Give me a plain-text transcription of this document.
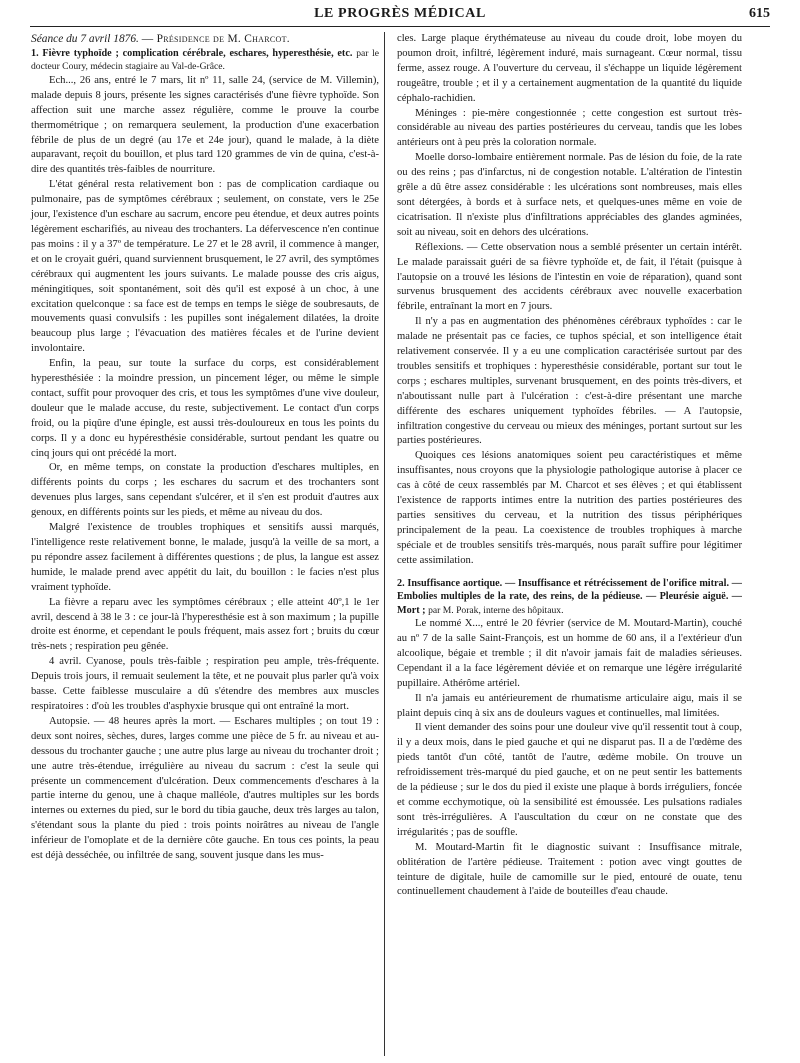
LE PROGRÈS MÉDICAL	615

Séance du 7 avril 1876. — Présidence de M. Charcot.

1. Fièvre typhoïde ; complication cérébrale, eschares, hyperesthésie, etc. par le docteur Coury, médecin stagiaire au Val-de-Grâce.

Ech..., 26 ans, entré le 7 mars, lit nº 11, salle 24, (service de M. Villemin), malade depuis 8 jours, présente les signes caractérisés d'une fièvre typhoïde. Son affection suit une marche assez régulière, comme le prouve la courbe thermométrique ; on remarquera seulement, la production d'une exacerbation fébrile de plus de un degré (au 17e et 24e jour), quand le malade, à la diète auparavant, reçoit du bouillon, et plus tard 120 grammes de vin de quina, c'est-à-dire des quantités très-faibles de nourriture.

L'état général resta relativement bon : pas de complication cardiaque ou pulmonaire, pas de symptômes cérébraux ; seulement, on constate, vers le 25e jour, l'existence d'un eschare au sacrum, encore peu étendue, et deux autres points légèrement escharifiés, au niveau des trochanters. La défervescence n'en continue pas moins : il y a 37º de température. Le 27 et le 28 avril, il commence à manger, et on le croyait guéri, quand surviennent brusquement, le 27 avril, des symptômes cérébraux qui augmentent les jours suivants. Le malade pousse des cris aigus, méningitiques, soit spontanément, soit dès qu'il est exposé à un choc, à une excitation quelconque : sa face est de temps en temps le siège de soubresauts, de mouvements quasi convulsifs : les pupilles sont inégalement dilatées, la droite beaucoup plus large ; l'évacuation des matières fécales et de l'urine devient involontaire.

Enfin, la peau, sur toute la surface du corps, est considérablement hyperesthésiée : la moindre pression, un pincement léger, ou même le simple contact, suffit pour provoquer des cris, et tous les symptômes d'une vive douleur, douleur que le malade accuse, du reste, subjectivement. Le contact d'un corps froid, ou la piqûre d'une épingle, est aussi très-douloureux en tous les points du corps. Il y a donc eu hypéresthésie considérable, surtout pendant les quatre ou cinq jours qui ont précédé la mort.

Or, en même temps, on constate la production d'eschares multiples, en différents points du corps ; les eschares du sacrum et des trochanters sont devenues plus larges, sans cependant s'ulcérer, et il s'en est produit d'autres aux genoux, en différents points sur les pieds, et même au niveau du dos.

Malgré l'existence de troubles trophiques et sensitifs aussi marqués, l'intelligence reste relativement bonne, le malade, jusqu'à la veille de sa mort, a pu répondre assez facilement à différentes questions ; de plus, la langue est assez humide, le malade prend avec appétit du lait, du bouillon : le facies n'est plus vraiment typhoïde.

La fièvre a reparu avec les symptômes cérébraux ; elle atteint 40º,1 le 1er avril, descend à 38 le 3 : ce jour-là l'hyperesthésie est à son maximum ; la pupille droite est énorme, et cependant le pouls fréquent, mais assez fort ; bruits du cœur très-nets ; respiration peu gênée.

4 avril. Cyanose, pouls très-faible ; respiration peu ample, très-fréquente. Depuis trois jours, il remuait seulement la tête, et ne pouvait plus parler qu'à voix basse. Cette faiblesse musculaire a dû s'étendre des membres aux muscles respiratoires : d'où les troubles d'asphyxie brusque qui ont entraîné la mort.

Autopsie. — 48 heures après la mort. — Eschares multiples ; on tout 19 : deux sont noires, sèches, dures, larges comme une pièce de 5 fr. au niveau et au-dessous du trochanter gauche ; une autre plus large au niveau du trochanter droit ; une autre très-étendue, irrégulière au niveau du sacrum : c'est la seule qui présente un commencement d'ulcération. Deux commencements d'eschares à la partie interne du genou, une à chaque malléole, d'autres multiples sur les bords internes ou externes du pied, sur le bord du tibia gauche, deux très larges au talon, s'étendant sous la plante du pied : trois points noirâtres au niveau de l'angle inférieur de l'omoplate et de la dernière côte gauche. En tous ces points, la peau est déjà desséchée, ou infiltrée de sang, souvent jusque dans les mus-

cles. Large plaque érythémateuse au niveau du coude droit, lobe moyen du poumon droit, infiltré, légèrement induré, mais surnageant. Cœur normal, tissu ferme, assez rouge. A l'ouverture du cerveau, il s'échappe un liquide légèrement rougeâtre, trouble ; et il y a certainement augmentation de la quantité du liquide céphalo-rachidien.

Méninges : pie-mère congestionnée ; cette congestion est surtout très-considérable au niveau des parties postérieures du cerveau, tandis que les lobes antérieurs ont à peu près la coloration normale.

Moelle dorso-lombaire entièrement normale. Pas de lésion du foie, de la rate ou des reins ; pas d'infarctus, ni de congestion notable. L'altération de l'intestin grêle a dû être assez considérable : les ulcérations sont nombreuses, mais elles sont détergées, à bords et à surface nets, et quelques-unes même en voie de cicatrisation. Il n'existe plus d'infiltrations appréciables des glandes agminées, soit au niveau, soit en dehors des ulcérations.

Réflexions. — Cette observation nous a semblé présenter un certain intérêt. Le malade paraissait guéri de sa fièvre typhoïde et, de fait, il l'était (puisque à l'autopsie on a trouvé les lésions de l'intestin en voie de réparation), quand sont survenus brusquement des accidents cérébraux avec nouvelle exacerbation fébrile, entraînant la mort en 7 jours.

Il n'y a pas en augmentation des phénomènes cérébraux typhoïdes : car le malade ne présentait pas ce facies, ce tuphos spécial, et son intelligence était relativement conservée. Il y a eu une complication caractérisée surtout par des troubles sensitifs et trophiques : hyperesthésie considérable, portant sur tout le corps ; eschares multiples, survenant brusquement, en des points très-divers, et n'aboutissant nulle part à l'ulcération : c'est-à-dire présentant une marche différente des eschares uniquement typhoïdes fébriles. — A l'autopsie, infiltration congestive du cerveau ou mieux des méninges, portant surtout sur les parties postérieures.

Quoiques ces lésions anatomiques soient peu caractéristiques et même insuffisantes, nous croyons que la physiologie pathologique autorise à placer ce cas à côté de ceux rassemblés par M. Charcot et ses élèves ; et qui établissent l'existence de rapports intimes entre la nutrition des parties postérieures des parties sensitives du cerveau, et la nutrition des tissus périphériques principalement de la peau. La coexistence de troubles trophiques à marche spéciale et de troubles sensitifs très-marqués, nous paraît suffire pour légitimer cette assimilation.

2. Insuffisance aortique. — Insuffisance et rétrécissement de l'orifice mitral. — Embolies multiples de la rate, des reins, de la pédieuse. — Pleurésie aiguë. — Mort ; par M. Porak, interne des hôpitaux.

Le nommé X..., entré le 20 février (service de M. Moutard-Martin), couché au nº 7 de la salle Saint-François, est un homme de 60 ans, il a l'extérieur d'un alcoolique, bégaie et tremble ; il dit n'avoir jamais fait de maladies sérieuses. Cependant il a la face légèrement déviée et on remarque une légère irrégularité pupillaire. Athérôme artériel.

Il n'a jamais eu antérieurement de rhumatisme articulaire aigu, mais il se plaint depuis cinq à six ans de douleurs vagues et continuelles, mal limitées.

Il vient demander des soins pour une douleur vive qu'il ressentit tout à coup, il y a deux mois, dans le pied gauche et qui ne disparut pas. Il a de l'œdème des pieds tantôt d'un côté, tantôt de l'autre, œdème mobile. On trouve un refroidissement très-marqué du pied gauche, et on ne peut sentir les battements de la pédieuse ; sur le dos du pied il existe une plaque à bords irréguliers, foncée et comme ecchymotique, où la sensibilité est émoussée. Les pulsations radiales sont très-irrégulières. A l'auscultation du cœur on ne constate que des irrégularités ; pas de souffle.

M. Moutard-Martin fit le diagnostic suivant : Insuffisance mitrale, oblitération de l'artère pédieuse. Traitement : potion avec vingt gouttes de teinture de digitale, huile de camomille sur le pied, entouré de ouate, tenu continuellement chaudement à l'aide de bouteilles d'eau chaude.
